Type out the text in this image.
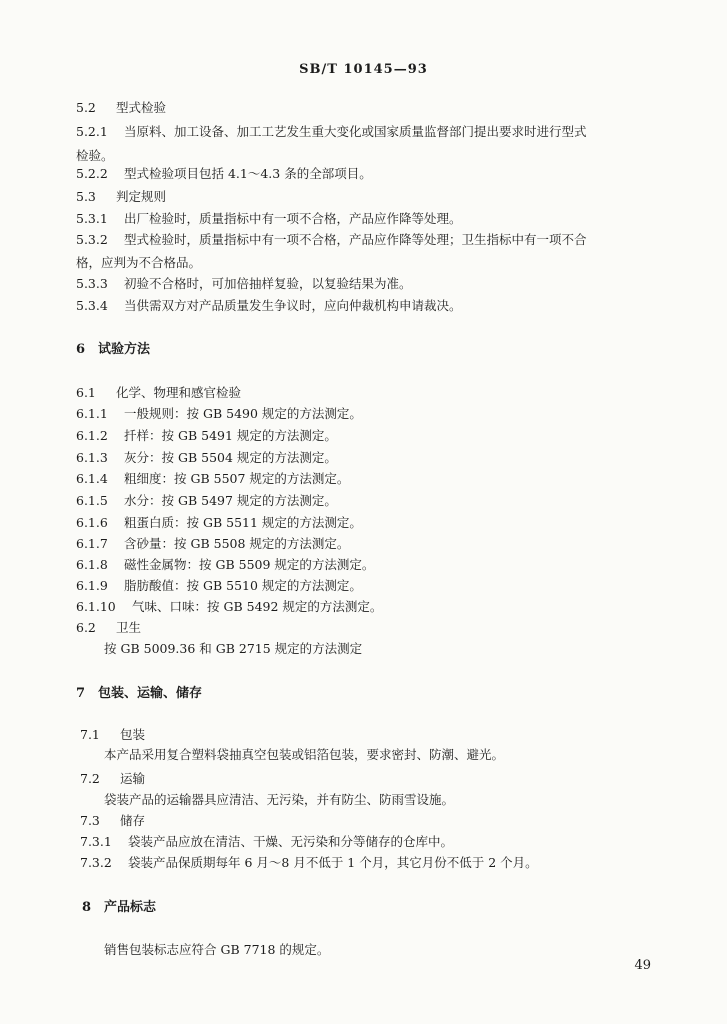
SB/T 10145—93
5.2 型式检验
5.2.1 当原料、加工设备、加工工艺发生重大变化或国家质量监督部门提出要求时进行型式
检验。
5.2.2 型式检验项目包括 4.1～4.3 条的全部项目。
5.3 判定规则
5.3.1 出厂检验时，质量指标中有一项不合格，产品应作降等处理。
5.3.2 型式检验时，质量指标中有一项不合格，产品应作降等处理；卫生指标中有一项不合
格，应判为不合格品。
5.3.3 初验不合格时，可加倍抽样复验，以复验结果为准。
5.3.4 当供需双方对产品质量发生争议时，应向仲裁机构申请裁决。
6 试验方法
6.1 化学、物理和感官检验
6.1.1 一般规则：按 GB 5490 规定的方法测定。
6.1.2 扦样：按 GB 5491 规定的方法测定。
6.1.3 灰分：按 GB 5504 规定的方法测定。
6.1.4 粗细度：按 GB 5507 规定的方法测定。
6.1.5 水分：按 GB 5497 规定的方法测定。
6.1.6 粗蛋白质：按 GB 5511 规定的方法测定。
6.1.7 含砂量：按 GB 5508 规定的方法测定。
6.1.8 磁性金属物：按 GB 5509 规定的方法测定。
6.1.9 脂肪酸值：按 GB 5510 规定的方法测定。
6.1.10 气味、口味：按 GB 5492 规定的方法测定。
6.2 卫生
按 GB 5009.36 和 GB 2715 规定的方法测定
7 包装、运输、储存
7.1 包装
本产品采用复合塑料袋抽真空包装或铝箔包装，要求密封、防潮、避光。
7.2 运输
袋装产品的运输器具应清洁、无污染，并有防尘、防雨雪设施。
7.3 储存
7.3.1 袋装产品应放在清洁、干燥、无污染和分等储存的仓库中。
7.3.2 袋装产品保质期每年 6 月～8 月不低于 1 个月，其它月份不低于 2 个月。
8 产品标志
销售包装标志应符合 GB 7718 的规定。
49
